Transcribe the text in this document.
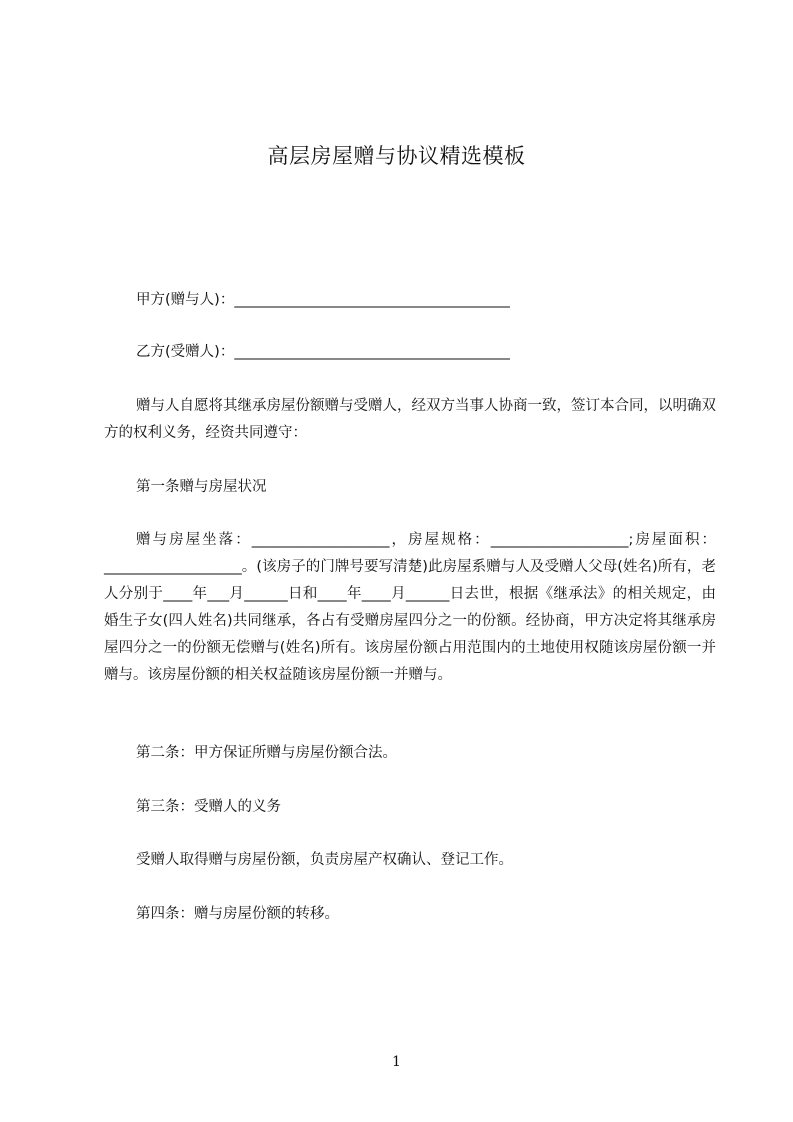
高层房屋赠与协议精选模板

甲方(赠与人)：______________________________________

乙方(受赠人)：______________________________________

赠与人自愿将其继承房屋份额赠与受赠人，经双方当事人协商一致，签订本合同，以明确双方的权利义务，经资共同遵守：

第一条赠与房屋状况

赠与房屋坐落：___________________，房屋规格：___________________;房屋面积：___________________。(该房子的门牌号要写清楚)此房屋系赠与人及受赠人父母(姓名)所有，老人分别于____年___月______日和____年____月______日去世，根据《继承法》的相关规定，由婚生子女(四人姓名)共同继承，各占有受赠房屋四分之一的份额。经协商，甲方决定将其继承房屋四分之一的份额无偿赠与(姓名)所有。该房屋份额占用范围内的土地使用权随该房屋份额一并赠与。该房屋份额的相关权益随该房屋份额一并赠与。

第二条：甲方保证所赠与房屋份额合法。

第三条：受赠人的义务

受赠人取得赠与房屋份额，负责房屋产权确认、登记工作。

第四条：赠与房屋份额的转移。

1
